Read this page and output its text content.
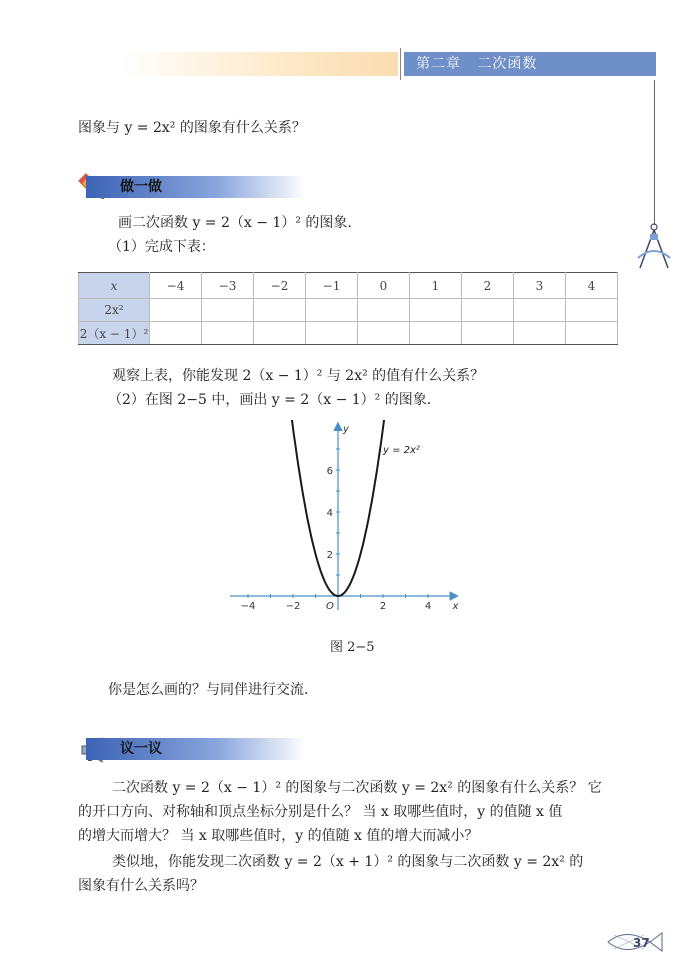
第二章 二次函数
图象与 y = 2x² 的图象有什么关系？
做一做
画二次函数 y = 2（x − 1）² 的图象.
（1）完成下表：
x	−4	−3	−2	−1	0	1	2	3	4
2x²									
2（x − 1）²									
观察上表，你能发现 2（x − 1）² 与 2x² 的值有什么关系？
（2）在图 2−5 中，画出 y = 2（x − 1）² 的图象.
−4	−2	2	4
2
4
6
y = 2x²
x
y
O
图 2−5
你是怎么画的？与同伴进行交流.
议一议
二次函数 y = 2（x − 1）² 的图象与二次函数 y = 2x² 的图象有什么关系？ 它
的开口方向、对称轴和顶点坐标分别是什么？ 当 x 取哪些值时，y 的值随 x 值
的增大而增大？ 当 x 取哪些值时，y 的值随 x 值的增大而减小？
类似地，你能发现二次函数 y = 2（x + 1）² 的图象与二次函数 y = 2x² 的
图象有什么关系吗？
37
